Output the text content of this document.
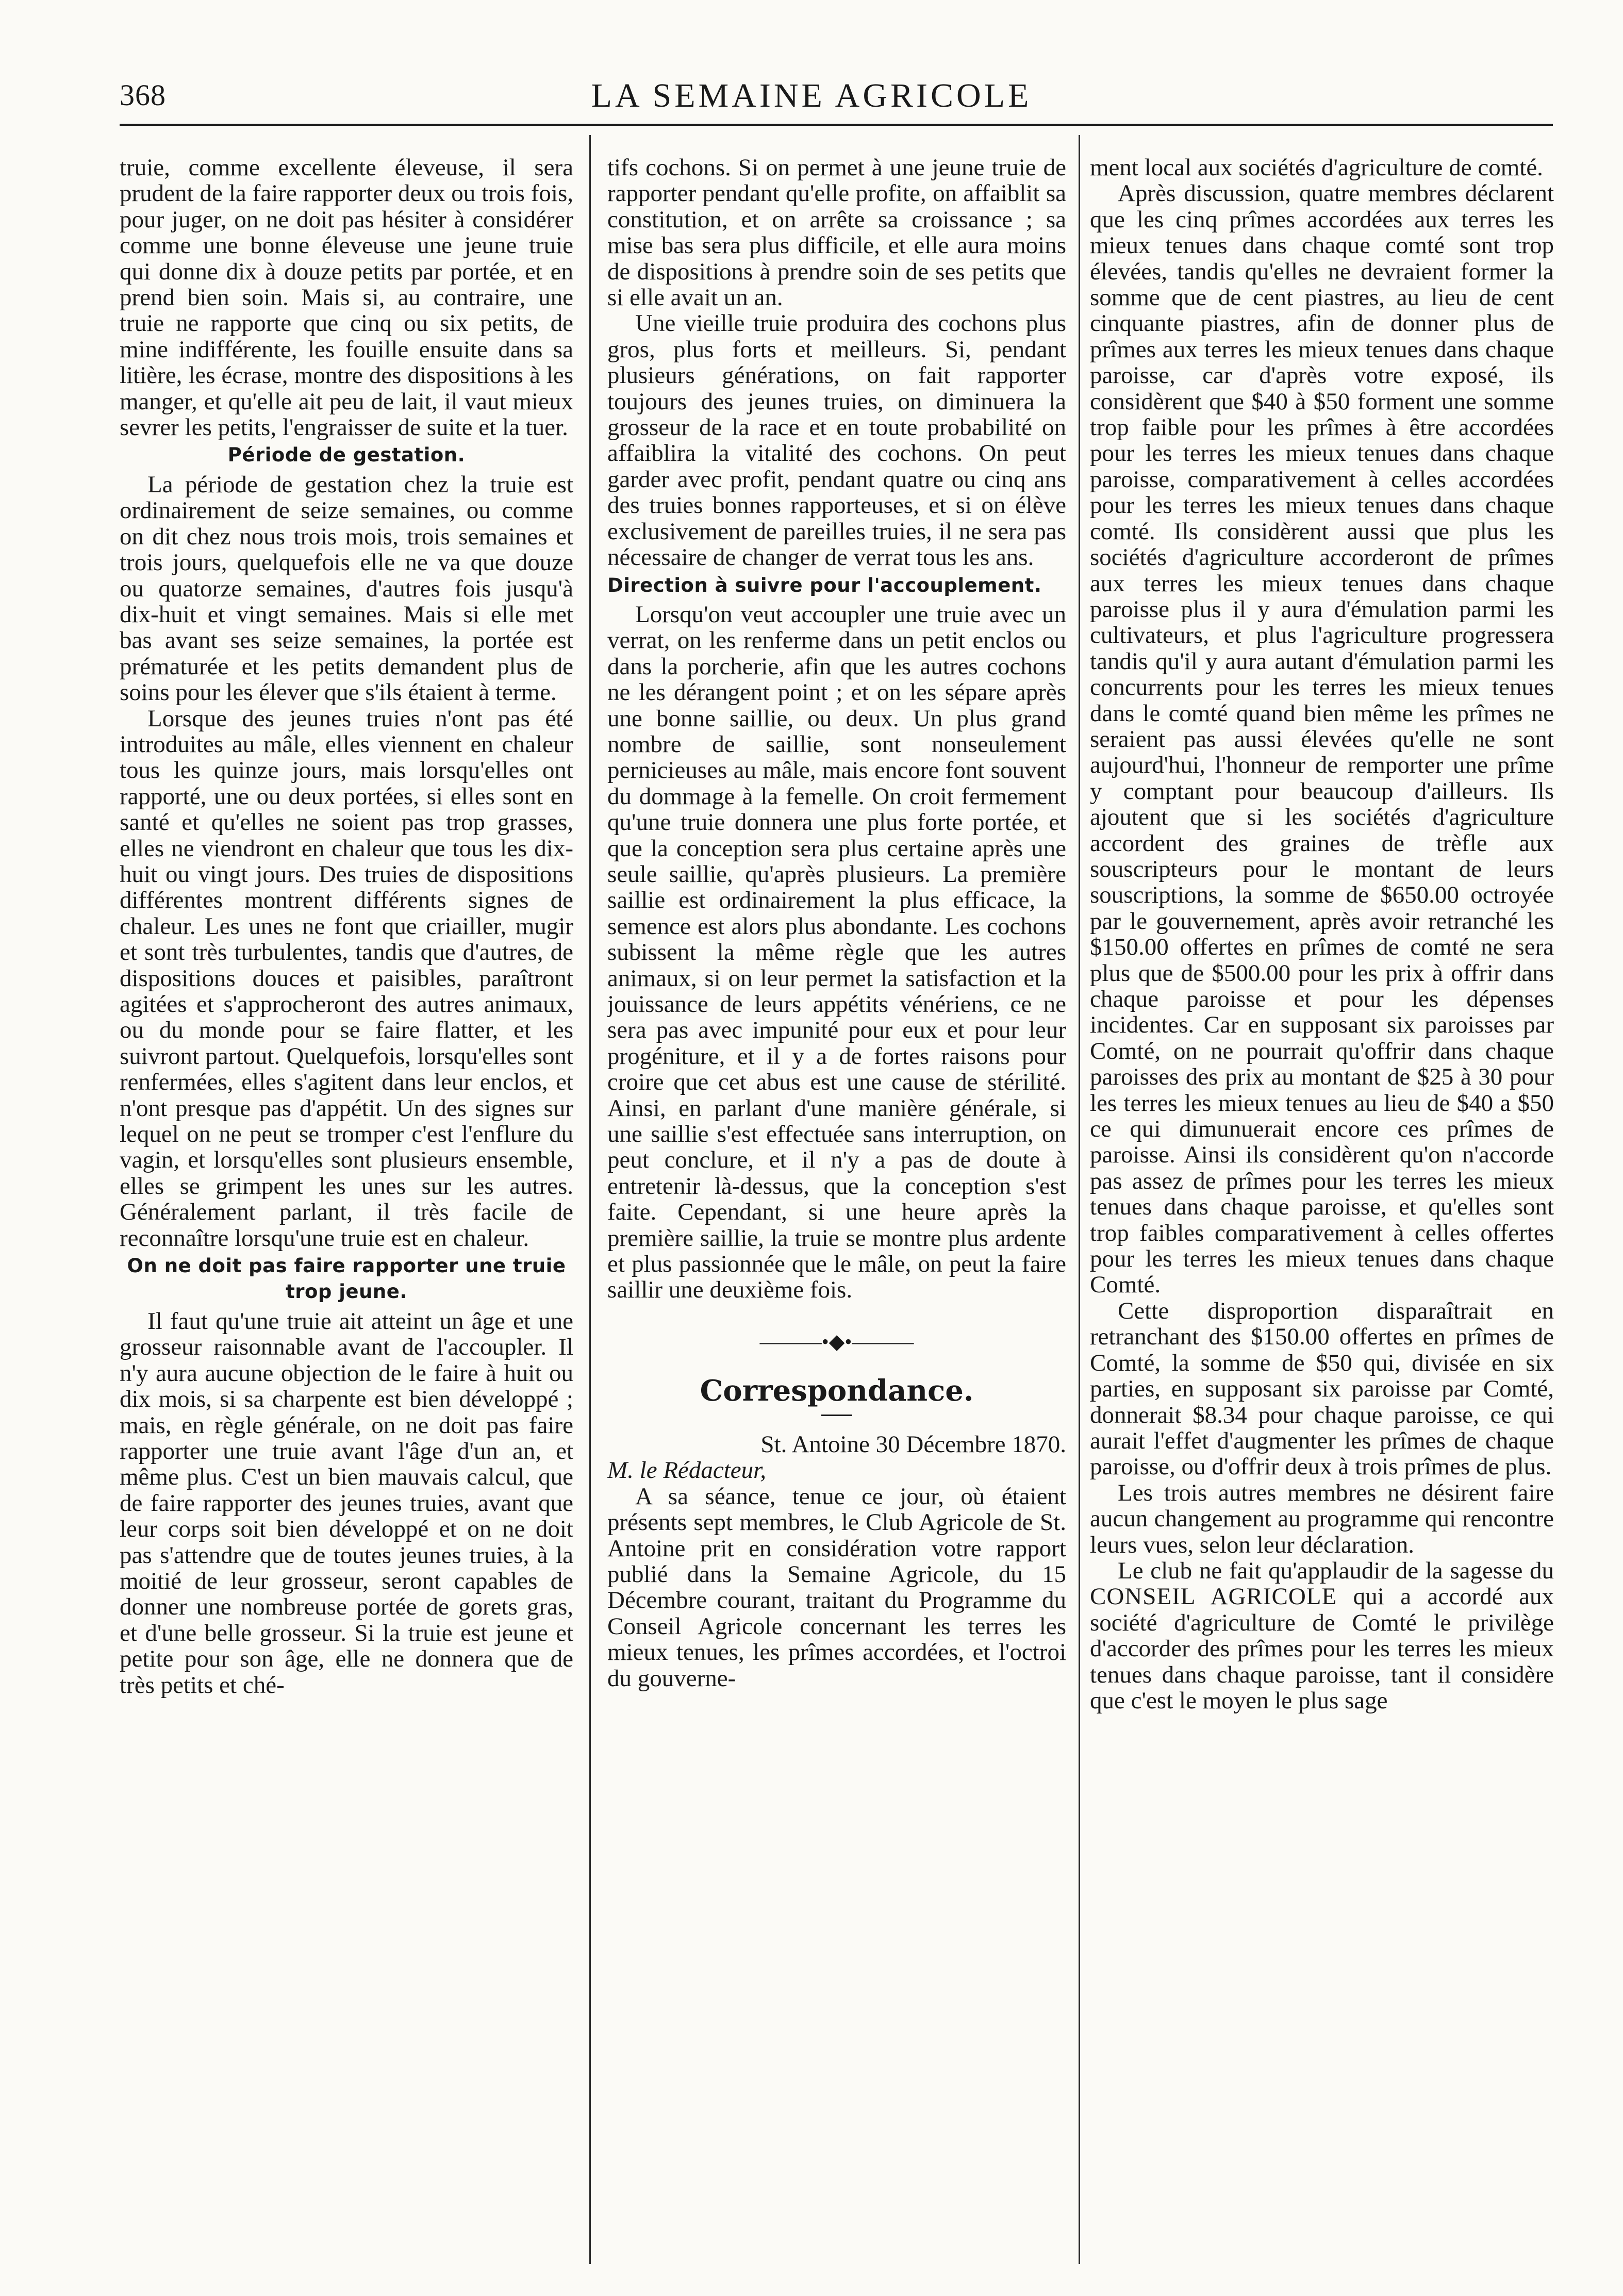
368	LA SEMAINE AGRICOLE

truie, comme excellente éleveuse, il sera prudent de la faire rapporter deux ou trois fois, pour juger, on ne doit pas hésiter à considérer comme une bonne éleveuse une jeune truie qui donne dix à douze petits par portée, et en prend bien soin. Mais si, au contraire, une truie ne rapporte que cinq ou six petits, de mine indifférente, les fouille ensuite dans sa litière, les écrase, montre des dispositions à les manger, et qu'elle ait peu de lait, il vaut mieux sevrer les petits, l'engraisser de suite et la tuer.

Période de gestation.

La période de gestation chez la truie est ordinairement de seize semaines, ou comme on dit chez nous trois mois, trois semaines et trois jours, quelquefois elle ne va que douze ou quatorze semaines, d'autres fois jusqu'à dix-huit et vingt semaines. Mais si elle met bas avant ses seize semaines, la portée est prématurée et les petits demandent plus de soins pour les élever que s'ils étaient à terme.

Lorsque des jeunes truies n'ont pas été introduites au mâle, elles viennent en chaleur tous les quinze jours, mais lorsqu'elles ont rapporté, une ou deux portées, si elles sont en santé et qu'elles ne soient pas trop grasses, elles ne viendront en chaleur que tous les dix-huit ou vingt jours. Des truies de dispositions différentes montrent différents signes de chaleur. Les unes ne font que criailler, mugir et sont très turbulentes, tandis que d'autres, de dispositions douces et paisibles, paraîtront agitées et s'approcheront des autres animaux, ou du monde pour se faire flatter, et les suivront partout. Quelquefois, lorsqu'elles sont renfermées, elles s'agitent dans leur enclos, et n'ont presque pas d'appétit. Un des signes sur lequel on ne peut se tromper c'est l'enflure du vagin, et lorsqu'elles sont plusieurs ensemble, elles se grimpent les unes sur les autres. Généralement parlant, il très facile de reconnaître lorsqu'une truie est en chaleur.

On ne doit pas faire rapporter une truie trop jeune.

Il faut qu'une truie ait atteint un âge et une grosseur raisonnable avant de l'accoupler. Il n'y aura aucune objection de le faire à huit ou dix mois, si sa charpente est bien développé ; mais, en règle générale, on ne doit pas faire rapporter une truie avant l'âge d'un an, et même plus. C'est un bien mauvais calcul, que de faire rapporter des jeunes truies, avant que leur corps soit bien développé et on ne doit pas s'attendre que de toutes jeunes truies, à la moitié de leur grosseur, seront capables de donner une nombreuse portée de gorets gras, et d'une belle grosseur. Si la truie est jeune et petite pour son âge, elle ne donnera que de très petits et ché-

tifs cochons. Si on permet à une jeune truie de rapporter pendant qu'elle profite, on affaiblit sa constitution, et on arrête sa croissance ; sa mise bas sera plus difficile, et elle aura moins de dispositions à prendre soin de ses petits que si elle avait un an.

Une vieille truie produira des cochons plus gros, plus forts et meilleurs. Si, pendant plusieurs générations, on fait rapporter toujours des jeunes truies, on diminuera la grosseur de la race et en toute probabilité on affaiblira la vitalité des cochons. On peut garder avec profit, pendant quatre ou cinq ans des truies bonnes rapporteuses, et si on élève exclusivement de pareilles truies, il ne sera pas nécessaire de changer de verrat tous les ans.

Direction à suivre pour l'accouplement.

Lorsqu'on veut accoupler une truie avec un verrat, on les renferme dans un petit enclos ou dans la porcherie, afin que les autres cochons ne les dérangent point ; et on les sépare après une bonne saillie, ou deux. Un plus grand nombre de saillie, sont nonseulement pernicieuses au mâle, mais encore font souvent du dommage à la femelle. On croit fermement qu'une truie donnera une plus forte portée, et que la conception sera plus certaine après une seule saillie, qu'après plusieurs. La première saillie est ordinairement la plus efficace, la semence est alors plus abondante. Les cochons subissent la même règle que les autres animaux, si on leur permet la satisfaction et la jouissance de leurs appétits vénériens, ce ne sera pas avec impunité pour eux et pour leur progéniture, et il y a de fortes raisons pour croire que cet abus est une cause de stérilité. Ainsi, en parlant d'une manière générale, si une saillie s'est effectuée sans interruption, on peut conclure, et il n'y a pas de doute à entretenir là-dessus, que la conception s'est faite. Cependant, si une heure après la première saillie, la truie se montre plus ardente et plus passionnée que le mâle, on peut la faire saillir une deuxième fois.

———•◆•———
Correspondance.

St. Antoine 30 Décembre 1870.

M. le Rédacteur,

A sa séance, tenue ce jour, où étaient présents sept membres, le Club Agricole de St. Antoine prit en considération votre rapport publié dans la Semaine Agricole, du 15 Décembre courant, traitant du Programme du Conseil Agricole concernant les terres les mieux tenues, les prîmes accordées, et l'octroi du gouverne-

ment local aux sociétés d'agriculture de comté.

Après discussion, quatre membres déclarent que les cinq prîmes accordées aux terres les mieux tenues dans chaque comté sont trop élevées, tandis qu'elles ne devraient former la somme que de cent piastres, au lieu de cent cinquante piastres, afin de donner plus de prîmes aux terres les mieux tenues dans chaque paroisse, car d'après votre exposé, ils considèrent que $40 à $50 forment une somme trop faible pour les prîmes à être accordées pour les terres les mieux tenues dans chaque paroisse, comparativement à celles accordées pour les terres les mieux tenues dans chaque comté. Ils considèrent aussi que plus les sociétés d'agriculture accorderont de prîmes aux terres les mieux tenues dans chaque paroisse plus il y aura d'émulation parmi les cultivateurs, et plus l'agriculture progressera tandis qu'il y aura autant d'émulation parmi les concurrents pour les terres les mieux tenues dans le comté quand bien même les prîmes ne seraient pas aussi élevées qu'elle ne sont aujourd'hui, l'honneur de remporter une prîme y comptant pour beaucoup d'ailleurs. Ils ajoutent que si les sociétés d'agriculture accordent des graines de trèfle aux souscripteurs pour le montant de leurs souscriptions, la somme de $650.00 octroyée par le gouvernement, après avoir retranché les $150.00 offertes en prîmes de comté ne sera plus que de $500.00 pour les prix à offrir dans chaque paroisse et pour les dépenses incidentes. Car en supposant six paroisses par Comté, on ne pourrait qu'offrir dans chaque paroisses des prix au montant de $25 à 30 pour les terres les mieux tenues au lieu de $40 a $50 ce qui dimunuerait encore ces prîmes de paroisse. Ainsi ils considèrent qu'on n'accorde pas assez de prîmes pour les terres les mieux tenues dans chaque paroisse, et qu'elles sont trop faibles comparativement à celles offertes pour les terres les mieux tenues dans chaque Comté.

Cette disproportion disparaîtrait en retranchant des $150.00 offertes en prîmes de Comté, la somme de $50 qui, divisée en six parties, en supposant six paroisse par Comté, donnerait $8.34 pour chaque paroisse, ce qui aurait l'effet d'augmenter les prîmes de chaque paroisse, ou d'offrir deux à trois prîmes de plus.

Les trois autres membres ne désirent faire aucun changement au programme qui rencontre leurs vues, selon leur déclaration.

Le club ne fait qu'applaudir de la sagesse du CONSEIL AGRICOLE qui a accordé aux société d'agriculture de Comté le privilège d'accorder des prîmes pour les terres les mieux tenues dans chaque paroisse, tant il considère que c'est le moyen le plus sage
